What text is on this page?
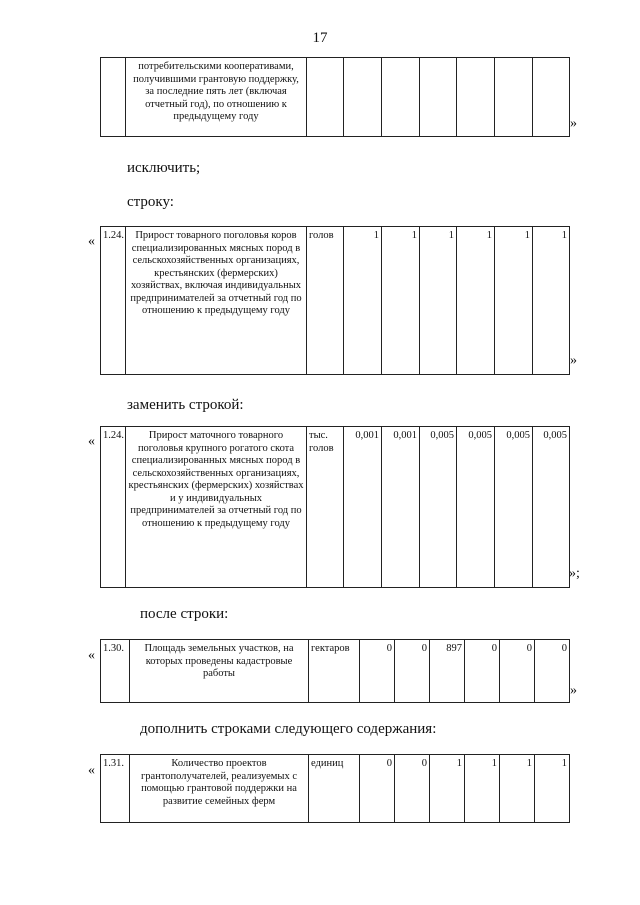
17
	потребительскими кооперативами, получившими грантовую поддержку, за последние пять лет (включая отчетный год), по отношению к предыдущему году								»
исключить;
строку:
« 1.24.	Прирост товарного поголовья коров специализированных мясных пород в сельскохозяйственных организациях, крестьянских (фермерских) хозяйствах, включая индивидуальных предпринимателей за отчетный год по отношению к предыдущему году	голов	1	1	1	1	1	1
»
заменить строкой:
« 1.24.	Прирост маточного товарного поголовья крупного рогатого скота специализированных мясных пород в сельскохозяйственных организациях, крестьянских (фермерских) хозяйствах и у индивидуальных предпринимателей за отчетный год по отношению к предыдущему году	тыс. голов	0,001	0,001	0,005	0,005	0,005	0,005
»;
после строки:
« 1.30.	Площадь земельных участков, на которых проведены кадастровые работы	гектаров	0	0	897	0	0	0
»
дополнить строками следующего содержания:
« 1.31.	Количество проектов грантополучателей, реализуемых с помощью грантовой поддержки на развитие семейных ферм	единиц	0	0	1	1	1	1
